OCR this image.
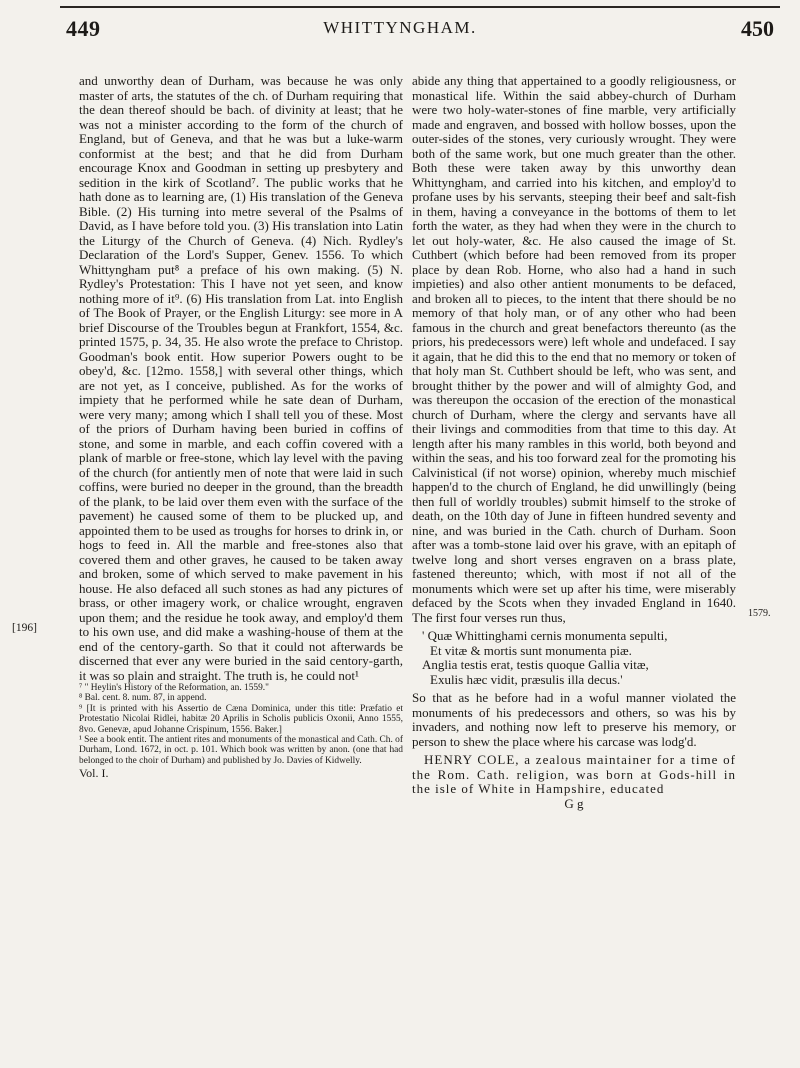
449	WHITTYNGHAM.	450
[196]
1579.

and unworthy dean of Durham, was because he was only master of arts, the statutes of the ch. of Durham requiring that the dean thereof should be bach. of divinity at least; that he was not a minister according to the form of the church of England, but of Geneva, and that he was but a luke-warm conformist at the best; and that he did from Durham encourage Knox and Goodman in setting up presbytery and sedition in the kirk of Scotland⁷. The public works that he hath done as to learning are, (1) His translation of the Geneva Bible. (2) His turning into metre several of the Psalms of David, as I have before told you. (3) His translation into Latin the Liturgy of the Church of Geneva. (4) Nich. Rydley's Declaration of the Lord's Supper, Genev. 1556. To which Whittyngham put⁸ a preface of his own making. (5) N. Rydley's Protestation: This I have not yet seen, and know nothing more of it⁹. (6) His translation from Lat. into English of The Book of Prayer, or the English Liturgy: see more in A brief Discourse of the Troubles begun at Frankfort, 1554, &c. printed 1575, p. 34, 35. He also wrote the preface to Christop. Goodman's book entit. How superior Powers ought to be obey'd, &c. [12mo. 1558,] with several other things, which are not yet, as I conceive, published. As for the works of impiety that he performed while he sate dean of Durham, were very many; among which I shall tell you of these. Most of the priors of Durham having been buried in coffins of stone, and some in marble, and each coffin covered with a plank of marble or free-stone, which lay level with the paving of the church (for antiently men of note that were laid in such coffins, were buried no deeper in the ground, than the breadth of the plank, to be laid over them even with the surface of the pavement) he caused some of them to be plucked up, and appointed them to be used as troughs for horses to drink in, or hogs to feed in. All the marble and free-stones also that covered them and other graves, he caused to be taken away and broken, some of which served to make pavement in his house. He also defaced all such stones as had any pictures of brass, or other imagery work, or chalice wrought, engraven upon them; and the residue he took away, and employ'd them to his own use, and did make a washing-house of them at the end of the centory-garth. So that it could not afterwards be discerned that ever any were buried in the said centory-garth, it was so plain and straight. The truth is, he could not¹

⁷ " Heylin's History of the Reformation, an. 1559."

⁸ Bal. cent. 8. num. 87, in append.

⁹ [It is printed with his Assertio de Cæna Dominica, under this title: Præfatio et Protestatio Nicolai Ridlei, habitæ 20 Aprilis in Scholis publicis Oxonii, Anno 1555, 8vo. Genevæ, apud Johanne Crispinum, 1556. Baker.]

¹ See a book entit. The antient rites and monuments of the monastical and Cath. Ch. of Durham, Lond. 1672, in oct. p. 101. Which book was written by anon. (one that had belonged to the choir of Durham) and published by Jo. Davies of Kidwelly.

Vol. I.

abide any thing that appertained to a goodly religiousness, or monastical life. Within the said abbey-church of Durham were two holy-water-stones of fine marble, very artificially made and engraven, and bossed with hollow bosses, upon the outer-sides of the stones, very curiously wrought. They were both of the same work, but one much greater than the other. Both these were taken away by this unworthy dean Whittyngham, and carried into his kitchen, and employ'd to profane uses by his servants, steeping their beef and salt-fish in them, having a conveyance in the bottoms of them to let forth the water, as they had when they were in the church to let out holy-water, &c. He also caused the image of St. Cuthbert (which before had been removed from its proper place by dean Rob. Horne, who also had a hand in such impieties) and also other antient monuments to be defaced, and broken all to pieces, to the intent that there should be no memory of that holy man, or of any other who had been famous in the church and great benefactors thereunto (as the priors, his predecessors were) left whole and undefaced. I say it again, that he did this to the end that no memory or token of that holy man St. Cuthbert should be left, who was sent, and brought thither by the power and will of almighty God, and was thereupon the occasion of the erection of the monastical church of Durham, where the clergy and servants have all their livings and commodities from that time to this day. At length after his many rambles in this world, both beyond and within the seas, and his too forward zeal for the promoting his Calvinistical (if not worse) opinion, whereby much mischief happen'd to the church of England, he did unwillingly (being then full of worldly troubles) submit himself to the stroke of death, on the 10th day of June in fifteen hundred seventy and nine, and was buried in the Cath. church of Durham. Soon after was a tomb-stone laid over his grave, with an epitaph of twelve long and short verses engraven on a brass plate, fastened thereunto; which, with most if not all of the monuments which were set up after his time, were miserably defaced by the Scots when they invaded England in 1640. The first four verses run thus,

' Quæ Whittinghami cernis monumenta sepulti,
Et vitæ & mortis sunt monumenta piæ.
Anglia testis erat, testis quoque Gallia vitæ,
Exulis hæc vidit, præsulis illa decus.'

So that as he before had in a woful manner violated the monuments of his predecessors and others, so was his by invaders, and nothing now left to preserve his memory, or person to shew the place where his carcase was lodg'd.

HENRY COLE, a zealous maintainer for a time of the Rom. Cath. religion, was born at Gods-hill in the isle of White in Hampshire, educated

G g
